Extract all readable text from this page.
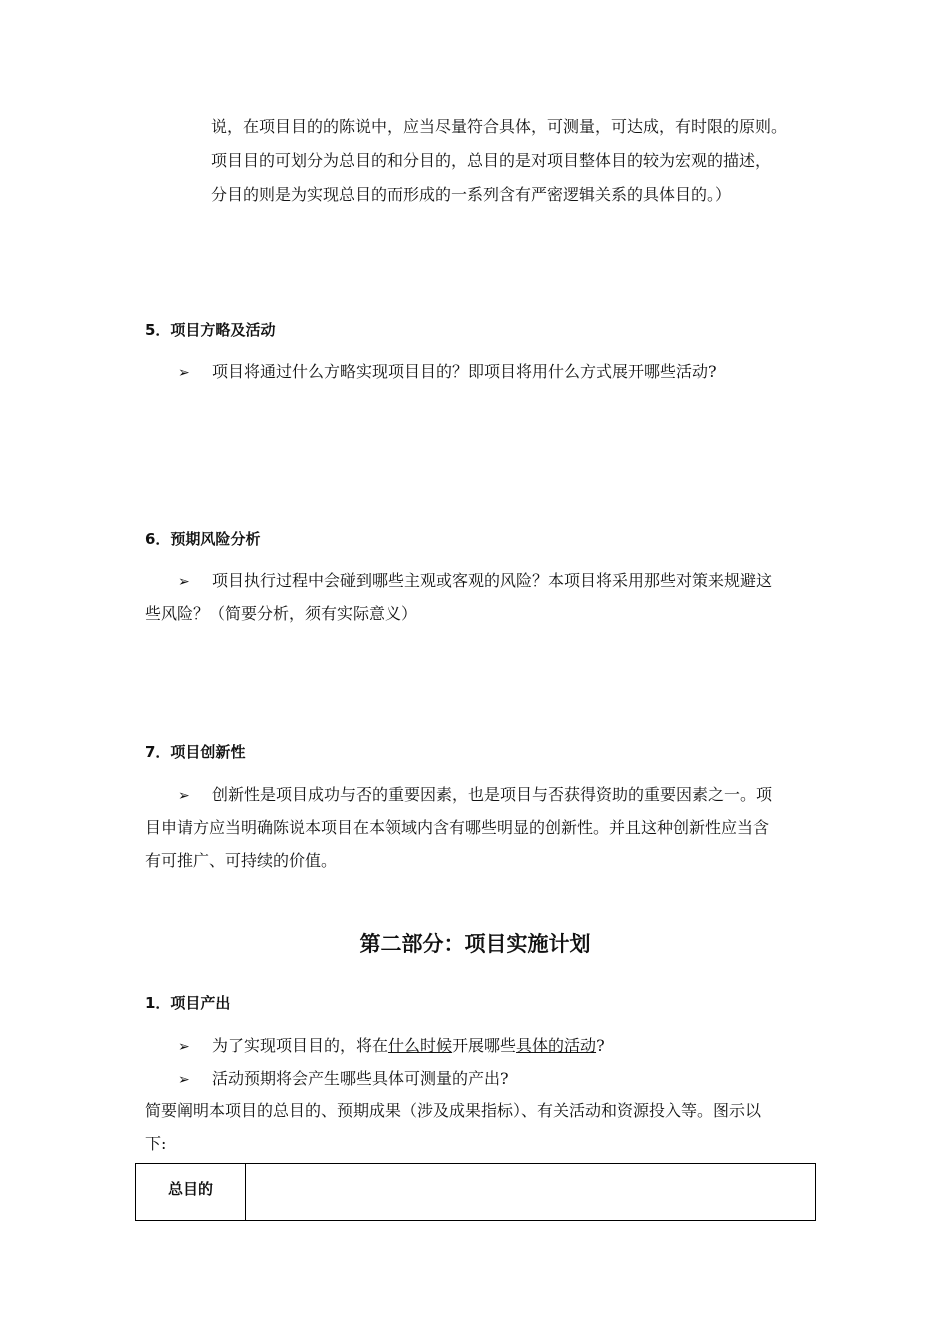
说，在项目目的的陈说中，应当尽量符合具体，可测量，可达成，有时限的原则。
项目目的可划分为总目的和分目的，总目的是对项目整体目的较为宏观的描述，
分目的则是为实现总目的而形成的一系列含有严密逻辑关系的具体目的。）
5．项目方略及活动
➢ 项目将通过什么方略实现项目目的？即项目将用什么方式展开哪些活动?
6．预期风险分析
➢ 项目执行过程中会碰到哪些主观或客观的风险？本项目将采用那些对策来规避这
些风险？（简要分析，须有实际意义）
7．项目创新性
➢ 创新性是项目成功与否的重要因素，也是项目与否获得资助的重要因素之一。项
目申请方应当明确陈说本项目在本领域内含有哪些明显的创新性。并且这种创新性应当含
有可推广、可持续的价值。
第二部分：项目实施计划
1．项目产出
➢ 为了实现项目目的，将在什么时候开展哪些具体的活动?
➢ 活动预期将会产生哪些具体可测量的产出?
简要阐明本项目的总目的、预期成果（涉及成果指标）、有关活动和资源投入等。图示以
下:
总目的	
